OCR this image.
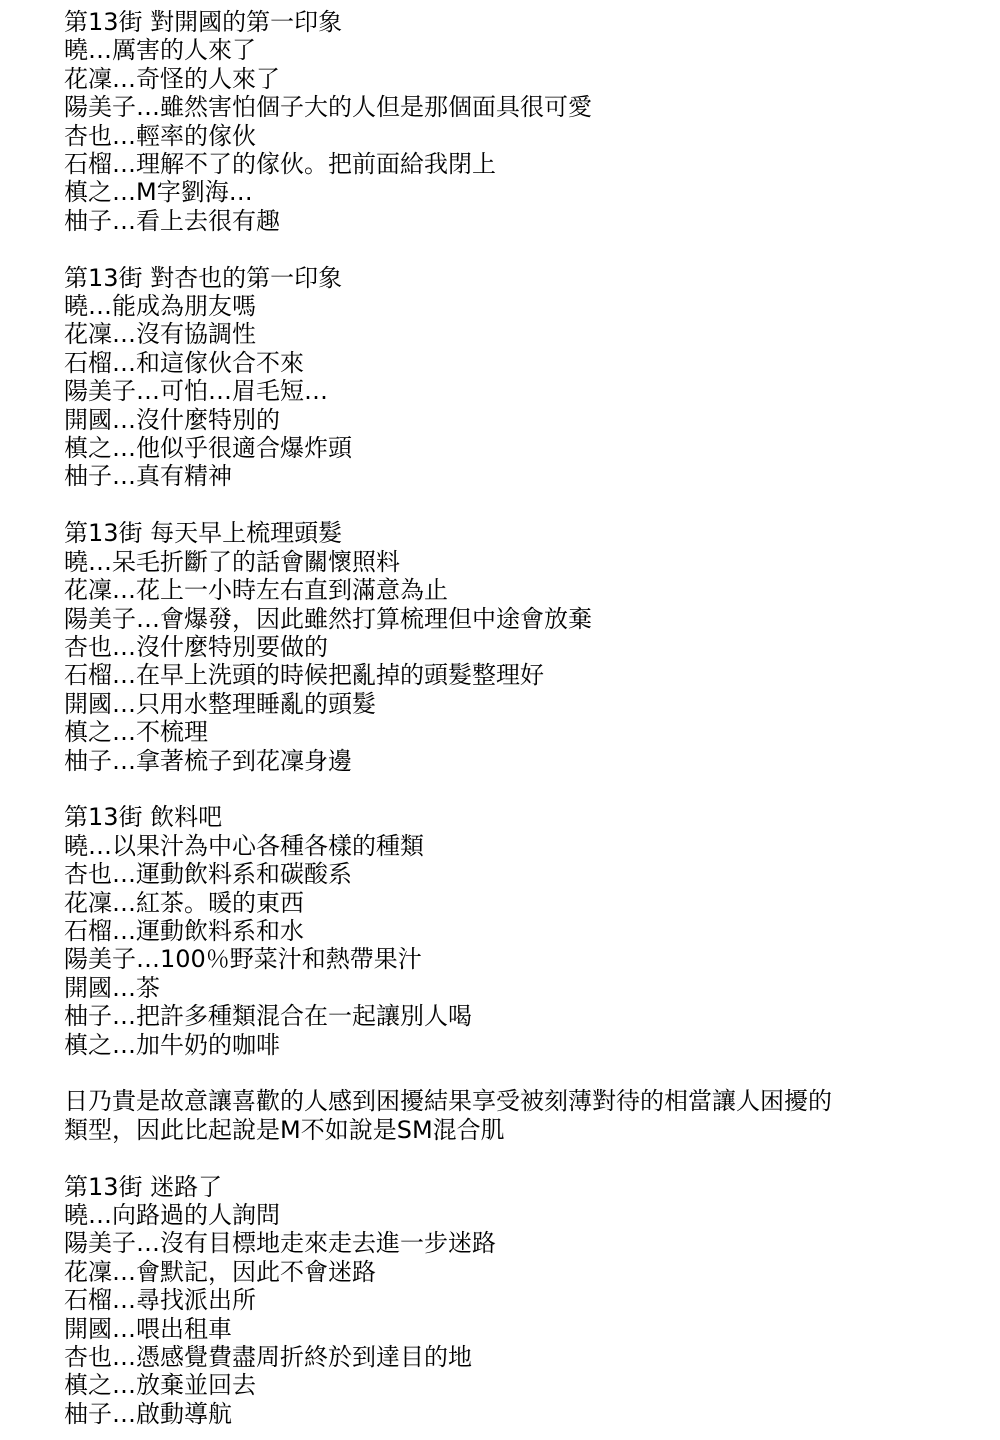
第13街 對開國的第一印象
曉…厲害的人來了
花凜…奇怪的人來了
陽美子…雖然害怕個子大的人但是那個面具很可愛
杏也…輕率的傢伙
石榴…理解不了的傢伙。把前面給我閉上
槙之…M字劉海…
柚子…看上去很有趣
第13街 對杏也的第一印象
曉…能成為朋友嗎
花凜…沒有協調性
石榴…和這傢伙合不來
陽美子…可怕…眉毛短…
開國…沒什麼特別的
槙之…他似乎很適合爆炸頭
柚子…真有精神
第13街 每天早上梳理頭髮
曉…呆毛折斷了的話會關懷照料
花凜…花上一小時左右直到滿意為止
陽美子…會爆發，因此雖然打算梳理但中途會放棄
杏也…沒什麼特別要做的
石榴…在早上洗頭的時候把亂掉的頭髮整理好
開國…只用水整理睡亂的頭髮
槙之…不梳理
柚子…拿著梳子到花凜身邊
第13街 飲料吧
曉…以果汁為中心各種各樣的種類
杏也…運動飲料系和碳酸系
花凜…紅茶。暖的東西
石榴…運動飲料系和水
陽美子…100％野菜汁和熱帶果汁
開國…茶
柚子…把許多種類混合在一起讓別人喝
槙之…加牛奶的咖啡
日乃貴是故意讓喜歡的人感到困擾結果享受被刻薄對待的相當讓人困擾的
類型，因此比起說是M不如說是SM混合肌
第13街 迷路了
曉…向路過的人詢問
陽美子…沒有目標地走來走去進一步迷路
花凜…會默記，因此不會迷路
石榴…尋找派出所
開國…喂出租車
杏也…憑感覺費盡周折終於到達目的地
槙之…放棄並回去
柚子…啟動導航
